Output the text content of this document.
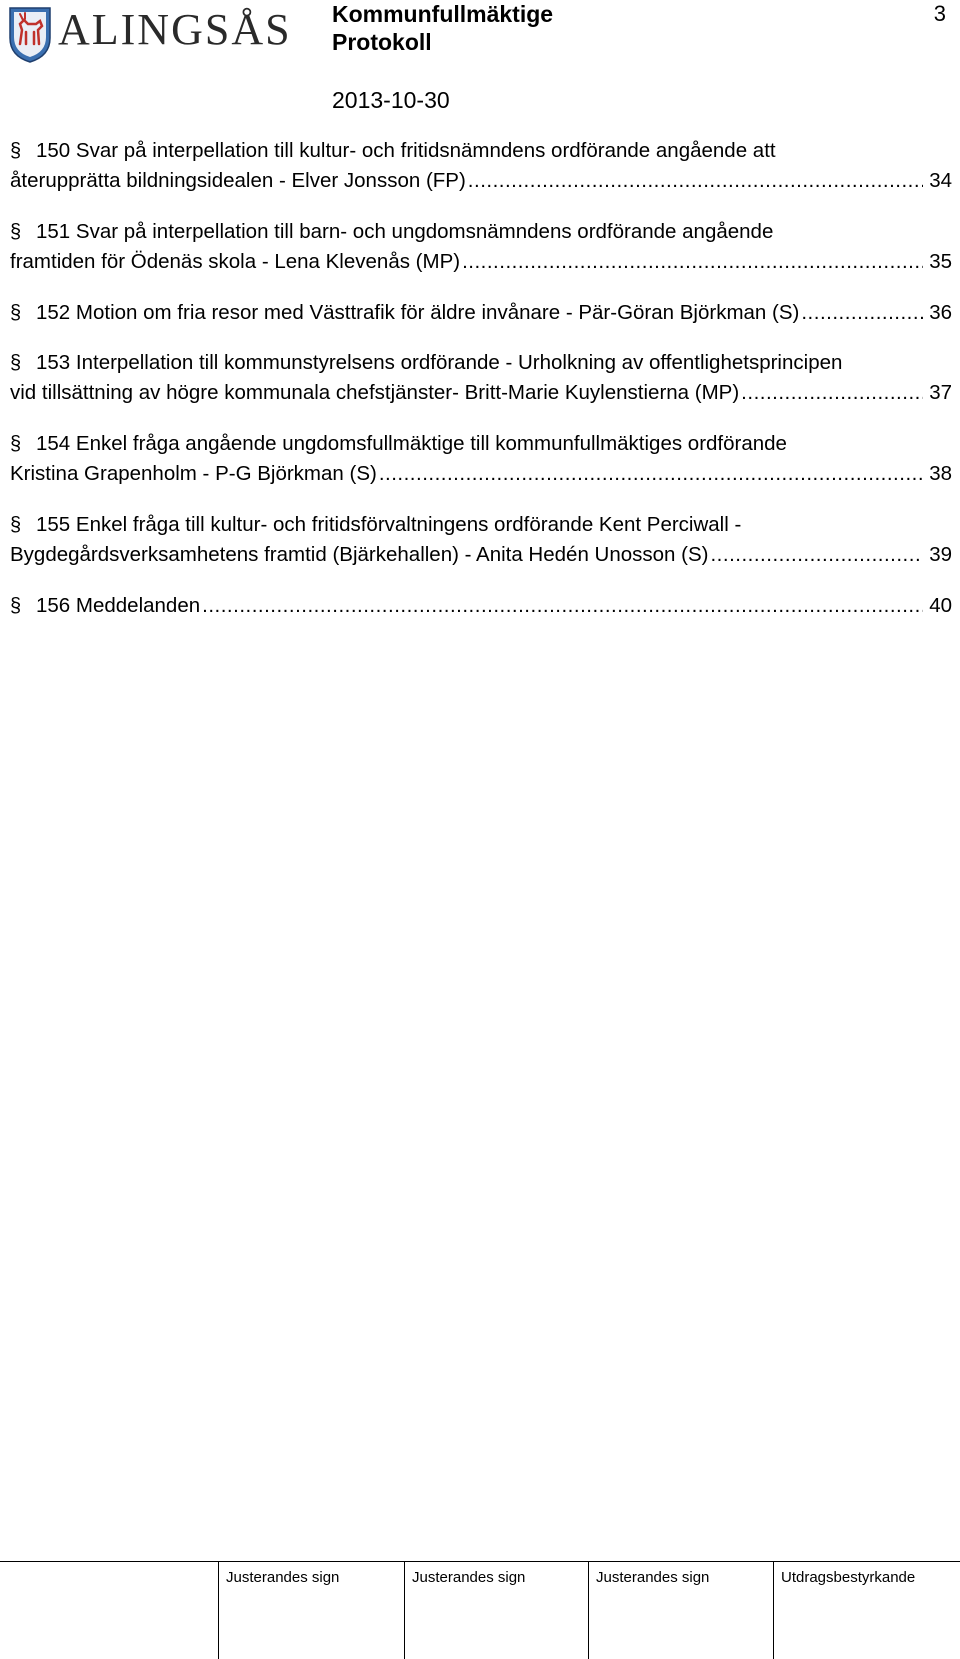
ALINGSÅS Kommunfullmäktige
Protokoll
2013-10-30
3
§ 150 Svar på interpellation till kultur- och fritidsnämndens ordförande angående att
återupprätta bildningsidealen - Elver Jonsson (FP) .....	34
§ 151 Svar på interpellation till barn- och ungdomsnämndens ordförande angående
framtiden för Ödenäs skola - Lena Klevenås (MP) .....	35
§ 152 Motion om fria resor med Västtrafik för äldre invånare - Pär-Göran Björkman (S) .....	36
§ 153 Interpellation till kommunstyrelsens ordförande - Urholkning av offentlighetsprincipen
vid tillsättning av högre kommunala chefstjänster- Britt-Marie Kuylenstierna (MP) .....	37
§ 154 Enkel fråga angående ungdomsfullmäktige till kommunfullmäktiges ordförande
Kristina Grapenholm - P-G Björkman (S) .....	38
§ 155 Enkel fråga till kultur- och fritidsförvaltningens ordförande Kent Perciwall -
Bygdegårdsverksamhetens framtid (Bjärkehallen) - Anita Hedén Unosson (S) .....	39
§ 156 Meddelanden .....	40
Justerandes sign	Justerandes sign	Justerandes sign	Utdragsbestyrkande
